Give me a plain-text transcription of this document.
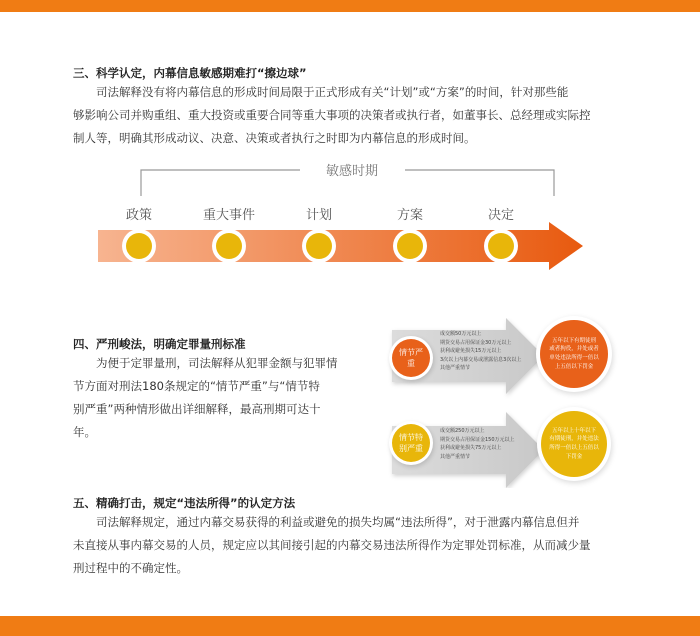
三、科学认定，内幕信息敏感期难打“擦边球”
司法解释没有将内幕信息的形成时间局限于正式形成有关“计划”或“方案”的时间，针对那些能
够影响公司并购重组、重大投资或重要合同等重大事项的决策者或执行者，如董事长、总经理或实际控
制人等，明确其形成动议、决意、决策或者执行之时即为内幕信息的形成时间。
敏感时期
政策	重大事件	计划	方案	决定
四、严刑峻法，明确定罪量刑标准
为便于定罪量刑，司法解释从犯罪金额与犯罪情
节方面对刑法180条规定的“情节严重”与“情节特
别严重”两种情形做出详细解释，最高刑期可达十
年。
情节严重
成交额50万元以上
期货交易占用保证金30万元以上
获利或避免损失15万元以上
3次以上内幕交易或泄露信息3次以上
其他严重情节
五年以下有期徒刑
或者拘役，并处或者
单处违法所得一倍以
上五倍以下罚金
情节特别严重
成交额250万元以上
期货交易占用保证金150万元以上
获利或避免损失75万元以上
其他严重情节
五年以上十年以下
有期徒刑，并处违法
所得一倍以上五倍以
下罚金
五、精确打击，规定“违法所得”的认定方法
司法解释规定，通过内幕交易获得的利益或避免的损失均属“违法所得”，对于泄露内幕信息但并
未直接从事内幕交易的人员，规定应以其间接引起的内幕交易违法所得作为定罪处罚标准，从而减少量
刑过程中的不确定性。
